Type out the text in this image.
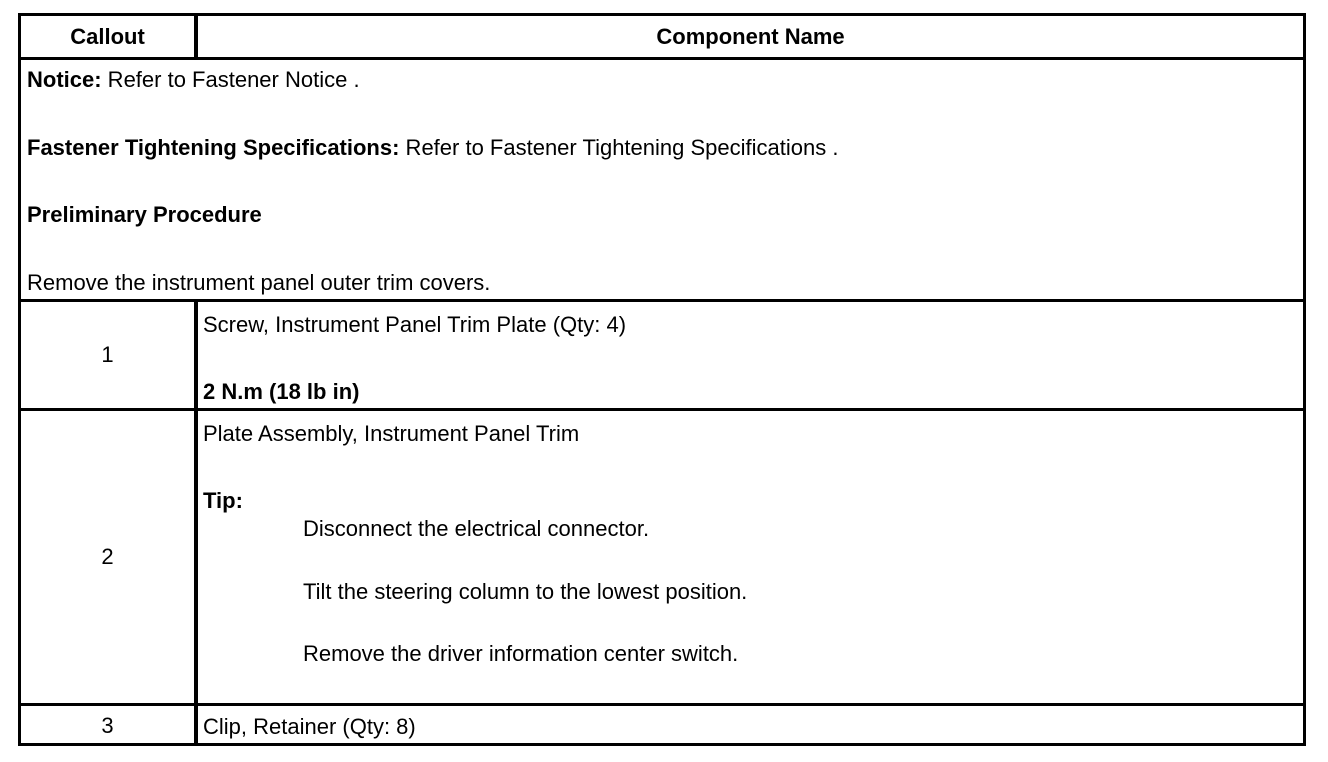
Callout	Component Name
Notice: Refer to Fastener Notice .
Fastener Tightening Specifications: Refer to Fastener Tightening Specifications .
Preliminary Procedure
Remove the instrument panel outer trim covers.
1
Screw, Instrument Panel Trim Plate (Qty: 4)
2 N.m (18 lb in)
2
Plate Assembly, Instrument Panel Trim
Tip:
Disconnect the electrical connector.
Tilt the steering column to the lowest position.
Remove the driver information center switch.
3	Clip, Retainer (Qty: 8)
